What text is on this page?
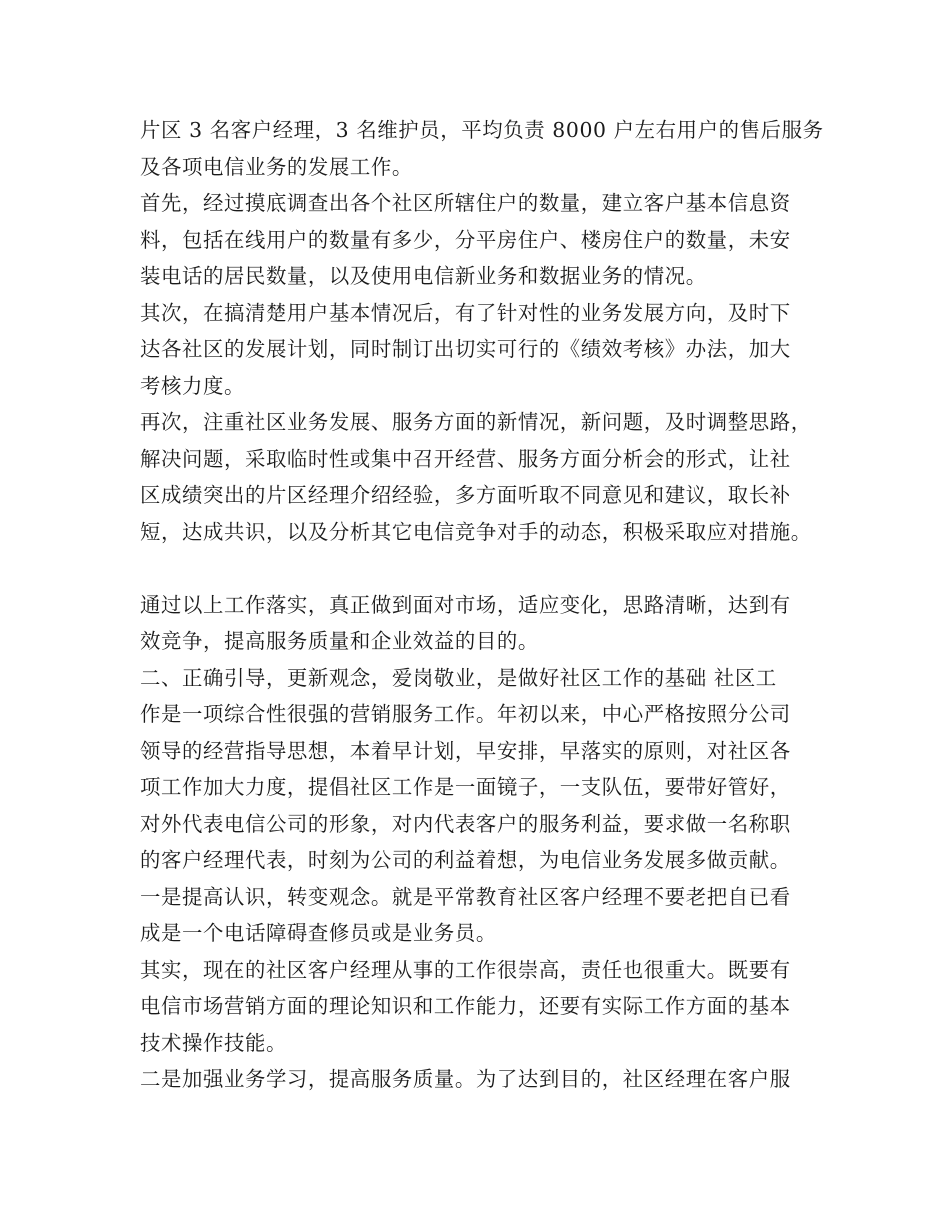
片区 3 名客户经理，3 名维护员，平均负责 8000 户左右用户的售后服务
及各项电信业务的发展工作。
首先，经过摸底调查出各个社区所辖住户的数量，建立客户基本信息资
料，包括在线用户的数量有多少，分平房住户、楼房住户的数量，未安
装电话的居民数量，以及使用电信新业务和数据业务的情况。
其次，在搞清楚用户基本情况后，有了针对性的业务发展方向，及时下
达各社区的发展计划，同时制订出切实可行的《绩效考核》办法，加大
考核力度。
再次，注重社区业务发展、服务方面的新情况，新问题，及时调整思路，
解决问题，采取临时性或集中召开经营、服务方面分析会的形式，让社
区成绩突出的片区经理介绍经验，多方面听取不同意见和建议，取长补
短，达成共识，以及分析其它电信竞争对手的动态，积极采取应对措施。
通过以上工作落实，真正做到面对市场，适应变化，思路清晰，达到有
效竞争，提高服务质量和企业效益的目的。
二、正确引导，更新观念，爱岗敬业，是做好社区工作的基础 社区工
作是一项综合性很强的营销服务工作。年初以来，中心严格按照分公司
领导的经营指导思想，本着早计划，早安排，早落实的原则，对社区各
项工作加大力度，提倡社区工作是一面镜子，一支队伍，要带好管好，
对外代表电信公司的形象，对内代表客户的服务利益，要求做一名称职
的客户经理代表，时刻为公司的利益着想，为电信业务发展多做贡献。
一是提高认识，转变观念。就是平常教育社区客户经理不要老把自已看
成是一个电话障碍查修员或是业务员。
其实，现在的社区客户经理从事的工作很崇高，责任也很重大。既要有
电信市场营销方面的理论知识和工作能力，还要有实际工作方面的基本
技术操作技能。
二是加强业务学习，提高服务质量。为了达到目的，社区经理在客户服
